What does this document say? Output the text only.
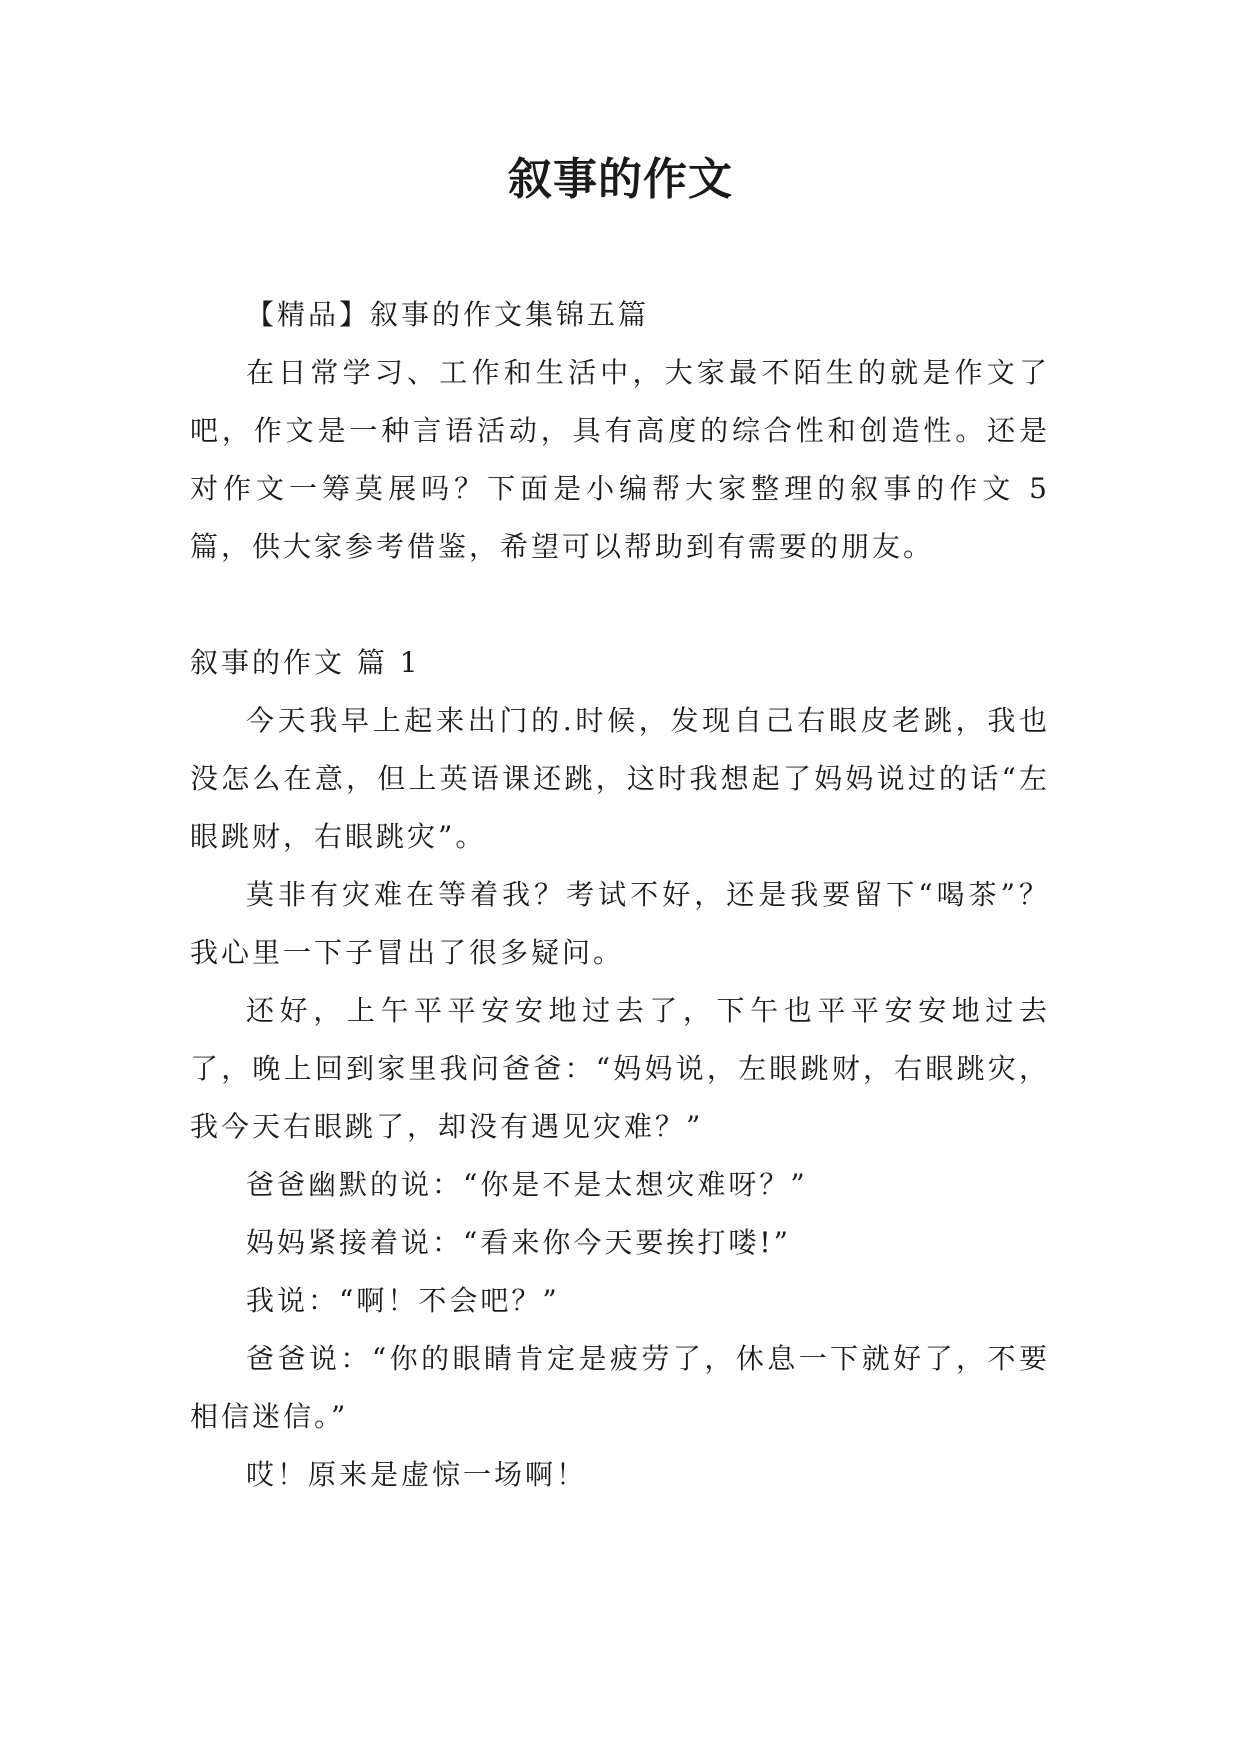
叙事的作文

【精品】叙事的作文集锦五篇

在日常学习、工作和生活中，大家最不陌生的就是作文了吧，作文是一种言语活动，具有高度的综合性和创造性。还是对作文一筹莫展吗？下面是小编帮大家整理的叙事的作文 5 篇，供大家参考借鉴，希望可以帮助到有需要的朋友。

叙事的作文 篇 1

今天我早上起来出门的.时候，发现自己右眼皮老跳，我也没怎么在意，但上英语课还跳，这时我想起了妈妈说过的话“左眼跳财，右眼跳灾”。

莫非有灾难在等着我？考试不好，还是我要留下“喝茶”？我心里一下子冒出了很多疑问。

还好，上午平平安安地过去了，下午也平平安安地过去了，晚上回到家里我问爸爸：“妈妈说，左眼跳财，右眼跳灾，我今天右眼跳了，却没有遇见灾难？”

爸爸幽默的说：“你是不是太想灾难呀？”

妈妈紧接着说：“看来你今天要挨打喽!”

我说：“啊！不会吧？”

爸爸说：“你的眼睛肯定是疲劳了，休息一下就好了，不要相信迷信。”

哎！原来是虚惊一场啊！
